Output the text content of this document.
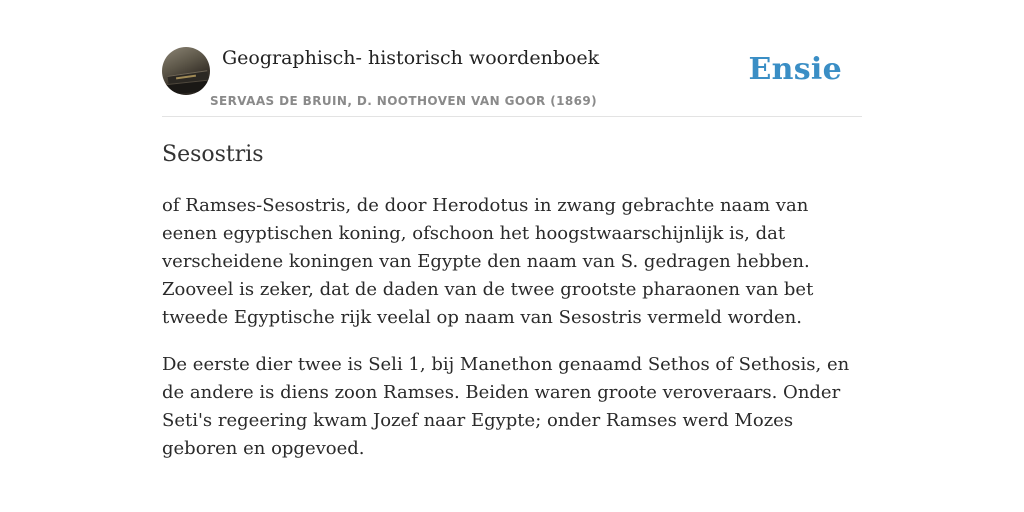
Geographisch- historisch woordenboek
SERVAAS DE BRUIN, D. NOOTHOVEN VAN GOOR (1869)
Ensie
Sesostris

of Ramses-Sesostris, de door Herodotus in zwang gebrachte naam van eenen egyptischen koning, ofschoon het hoogstwaarschijnlijk is, dat verscheidene koningen van Egypte den naam van S. gedragen hebben. Zooveel is zeker, dat de daden van de twee grootste pharaonen van bet tweede Egyptische rijk veelal op naam van Sesostris vermeld worden.

De eerste dier twee is Seli 1, bij Manethon genaamd Sethos of Sethosis, en de andere is diens zoon Ramses. Beiden waren groote veroveraars. Onder Seti's regeering kwam Jozef naar Egypte; onder Ramses werd Mozes geboren en opgevoed.
